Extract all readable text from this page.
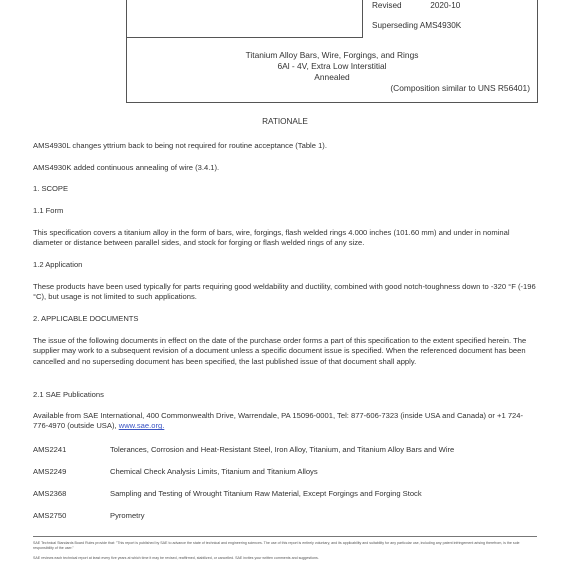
Revised	2020-10
Superseding AMS4930K
Titanium Alloy Bars, Wire, Forgings, and Rings
6Al - 4V, Extra Low Interstitial
Annealed
(Composition similar to UNS R56401)
RATIONALE
AMS4930L changes yttrium back to being not required for routine acceptance (Table 1).
AMS4930K added continuous annealing of wire (3.4.1).
1. SCOPE
1.1 Form
This specification covers a titanium alloy in the form of bars, wire, forgings, flash welded rings 4.000 inches (101.60 mm) and under in nominal diameter or distance between parallel sides, and stock for forging or flash welded rings of any size.
1.2 Application
These products have been used typically for parts requiring good weldability and ductility, combined with good notch-toughness down to -320 °F (-196 °C), but usage is not limited to such applications.
2. APPLICABLE DOCUMENTS
The issue of the following documents in effect on the date of the purchase order forms a part of this specification to the extent specified herein. The supplier may work to a subsequent revision of a document unless a specific document issue is specified. When the referenced document has been cancelled and no superseding document has been specified, the last published issue of that document shall apply.
2.1 SAE Publications
Available from SAE International, 400 Commonwealth Drive, Warrendale, PA 15096-0001, Tel: 877-606-7323 (inside USA and Canada) or +1 724-776-4970 (outside USA), www.sae.org.
AMS2241	Tolerances, Corrosion and Heat-Resistant Steel, Iron Alloy, Titanium, and Titanium Alloy Bars and Wire
AMS2249	Chemical Check Analysis Limits, Titanium and Titanium Alloys
AMS2368	Sampling and Testing of Wrought Titanium Raw Material, Except Forgings and Forging Stock
AMS2750	Pyrometry
SAE Technical Standards Board Rules provide that: "This report is published by SAE to advance the state of technical and engineering sciences. The use of this report is entirely voluntary, and its applicability and suitability for any particular use, including any patent infringement arising therefrom, is the sole responsibility of the user."
SAE reviews each technical report at least every five years at which time it may be revised, reaffirmed, stabilized, or cancelled. SAE invites your written comments and suggestions.
